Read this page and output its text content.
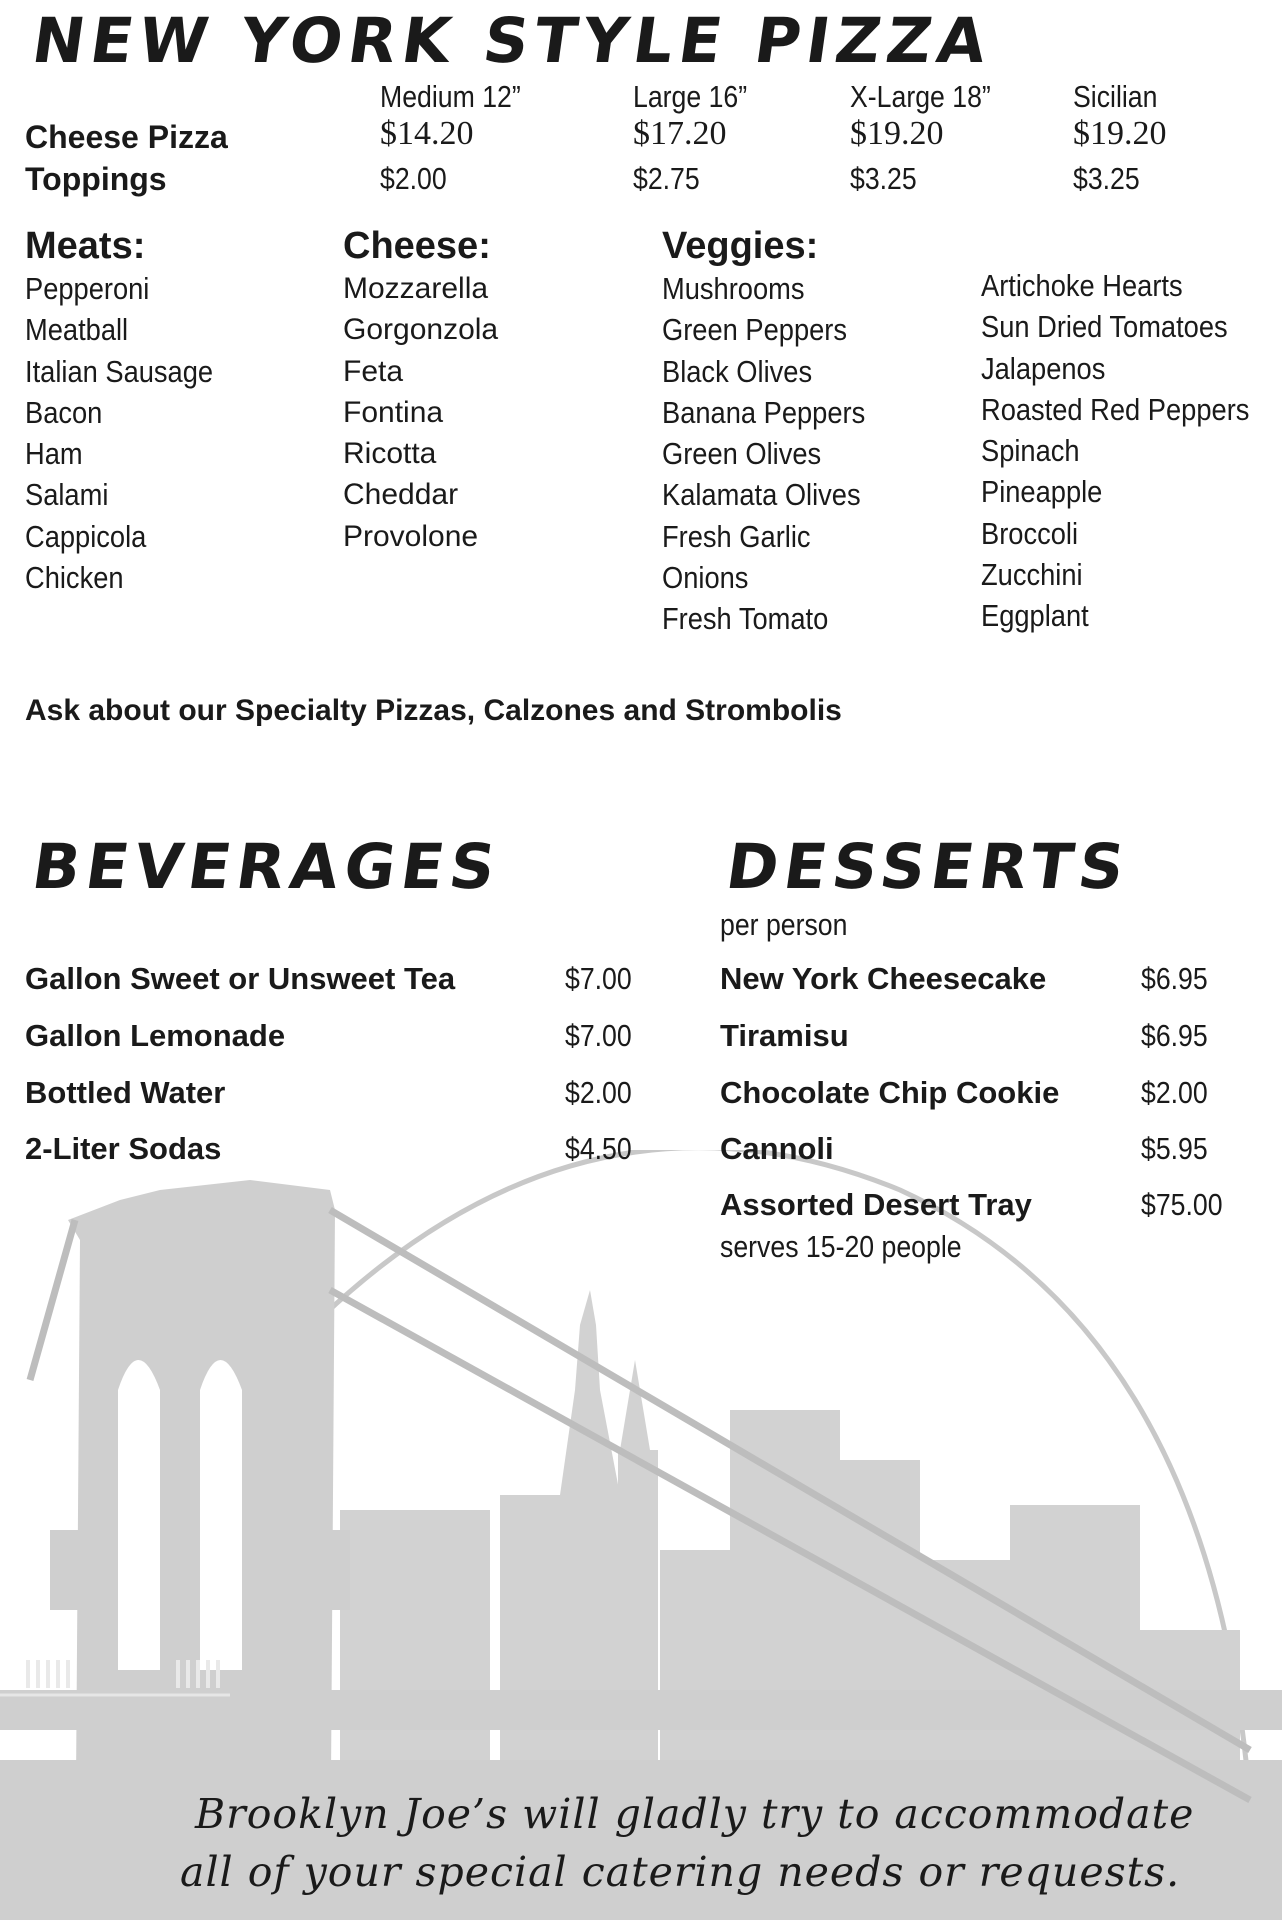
NEW YORK STYLE PIZZA
Medium 12”	Large 16”	X-Large 18”	Sicilian
Cheese Pizza	$14.20	$17.20	$19.20	$19.20
Toppings	$2.00	$2.75	$3.25	$3.25
Meats:	Cheese:	Veggies:
Pepperoni
Meatball
Italian Sausage
Bacon
Ham
Salami
Cappicola
Chicken
Mozzarella
Gorgonzola
Feta
Fontina
Ricotta
Cheddar
Provolone
Mushrooms
Green Peppers
Black Olives
Banana Peppers
Green Olives
Kalamata Olives
Fresh Garlic
Onions
Fresh Tomato
Artichoke Hearts
Sun Dried Tomatoes
Jalapenos
Roasted Red Peppers
Spinach
Pineapple
Broccoli
Zucchini
Eggplant
Ask about our Specialty Pizzas, Calzones and Strombolis
BEVERAGES
Gallon Sweet or Unsweet Tea	$7.00
Gallon Lemonade	$7.00
Bottled Water	$2.00
2-Liter Sodas	$4.50
DESSERTS
per person
New York Cheesecake	$6.95
Tiramisu	$6.95
Chocolate Chip Cookie	$2.00
Cannoli	$5.95
Assorted Desert Tray	$75.00
serves 15-20 people
Brooklyn Joe’s will gladly try to accommodate
all of your special catering needs or requests.
